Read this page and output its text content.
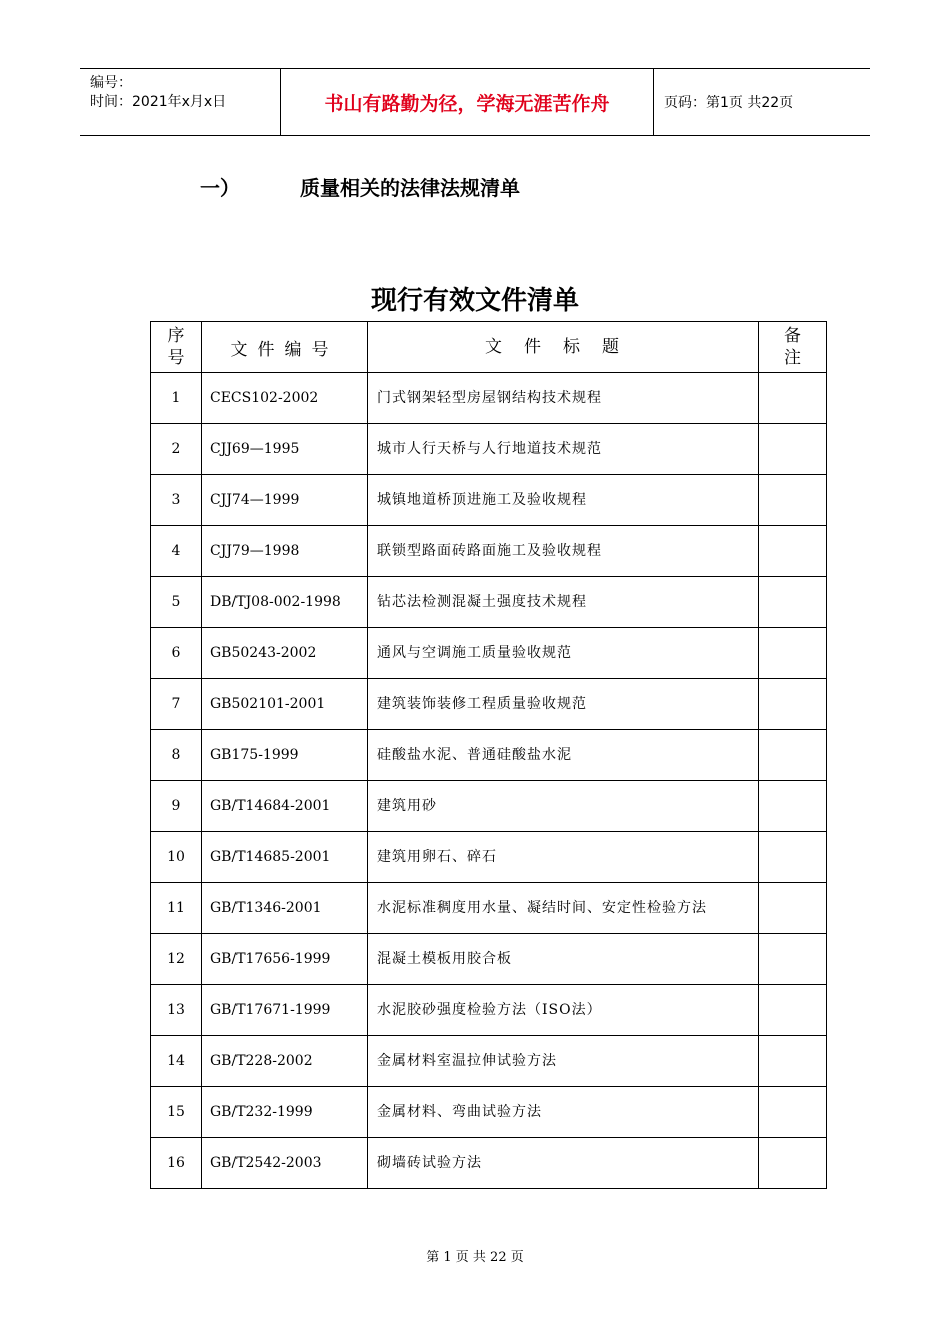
编号：
时间：2021年x月x日	书山有路勤为径，学海无涯苦作舟	页码：第1页 共22页
一）	质量相关的法律法规清单
现行有效文件清单
序号	文件编号	文件标题	备注

1	CECS102-2002	门式钢架轻型房屋钢结构技术规程	
2	CJJ69—1995	城市人行天桥与人行地道技术规范	
3	CJJ74—1999	城镇地道桥顶进施工及验收规程	
4	CJJ79—1998	联锁型路面砖路面施工及验收规程	
5	DB/TJ08-002-1998	钻芯法检测混凝土强度技术规程	
6	GB50243-2002	通风与空调施工质量验收规范	
7	GB502101-2001	建筑装饰装修工程质量验收规范	
8	GB175-1999	硅酸盐水泥、普通硅酸盐水泥	
9	GB/T14684-2001	建筑用砂	
10	GB/T14685-2001	建筑用卵石、碎石	
11	GB/T1346-2001	水泥标准稠度用水量、凝结时间、安定性检验方法	
12	GB/T17656-1999	混凝土模板用胶合板	
13	GB/T17671-1999	水泥胶砂强度检验方法（ISO法）	
14	GB/T228-2002	金属材料室温拉伸试验方法	
15	GB/T232-1999	金属材料、弯曲试验方法	
16	GB/T2542-2003	砌墙砖试验方法	
第 1 页 共 22 页
